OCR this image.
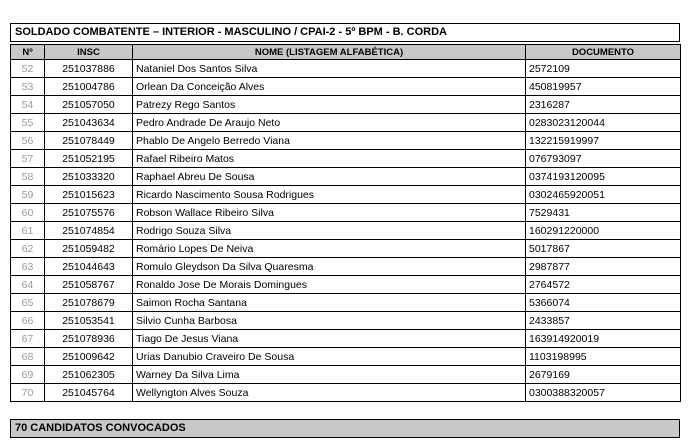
SOLDADO COMBATENTE – INTERIOR - MASCULINO / CPAI-2 - 5º BPM - B. CORDA
Nº	INSC	NOME (LISTAGEM ALFABÉTICA)	DOCUMENTO
52	251037886	Nataniel Dos Santos Silva	2572109
53	251004786	Orlean Da Conceição Alves	450819957
54	251057050	Patrezy Rego Santos	2316287
55	251043634	Pedro Andrade De Araujo Neto	0283023120044
56	251078449	Phablo De Angelo Berredo Viana	132215919997
57	251052195	Rafael Ribeiro Matos	076793097
58	251033320	Raphael Abreu De Sousa	0374193120095
59	251015623	Ricardo Nascimento Sousa Rodrigues	0302465920051
60	251075576	Robson Wallace Ribeiro Silva	7529431
61	251074854	Rodrigo Souza Silva	160291220000
62	251059482	Romário Lopes De Neiva	5017867
63	251044643	Romulo Gleydson Da Silva Quaresma	2987877
64	251058767	Ronaldo Jose De Morais Domingues	2764572
65	251078679	Saimon Rocha Santana	5366074
66	251053541	Silvio Cunha Barbosa	2433857
67	251078936	Tiago De Jesus Viana	163914920019
68	251009642	Urias Danubio Craveiro De Sousa	1103198995
69	251062305	Warney Da Silva Lima	2679169
70	251045764	Wellyngton Alves Souza	0300388320057
70 CANDIDATOS CONVOCADOS
